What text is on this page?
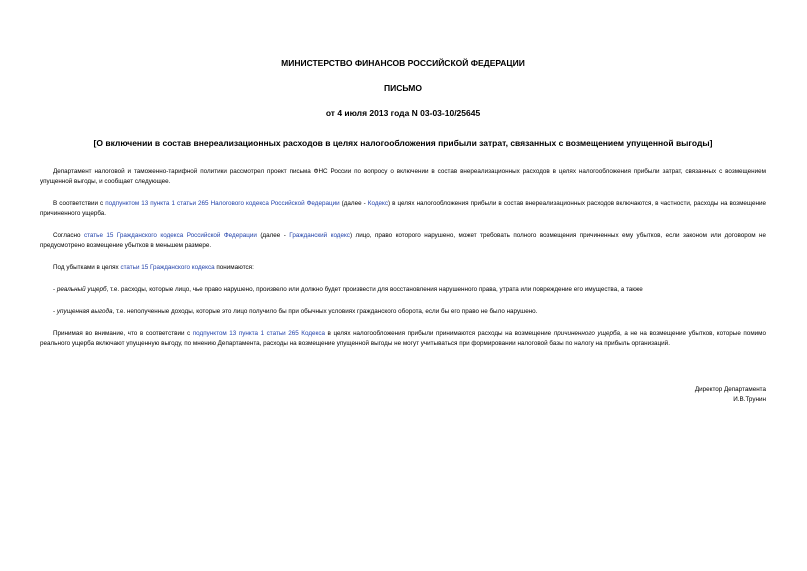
МИНИСТЕРСТВО ФИНАНСОВ РОССИЙСКОЙ ФЕДЕРАЦИИ
ПИСЬМО
от 4 июля 2013 года N 03-03-10/25645
[О включении в состав внереализационных расходов в целях налогообложения прибыли затрат, связанных с возмещением упущенной выгоды]

Департамент налоговой и таможенно-тарифной политики рассмотрел проект письма ФНС России по вопросу о включении в состав внереализационных расходов в целях налогообложения прибыли затрат, связанных с возмещением упущенной выгоды, и сообщает следующее.

В соответствии с подпунктом 13 пункта 1 статьи 265 Налогового кодекса Российской Федерации (далее - Кодекс) в целях налогообложения прибыли в состав внереализационных расходов включаются, в частности, расходы на возмещение причиненного ущерба.

Согласно статье 15 Гражданского кодекса Российской Федерации (далее - Гражданский кодекс) лицо, право которого нарушено, может требовать полного возмещения причиненных ему убытков, если законом или договором не предусмотрено возмещение убытков в меньшем размере.

Под убытками в целях статьи 15 Гражданского кодекса понимаются:

- реальный ущерб, т.е. расходы, которые лицо, чье право нарушено, произвело или должно будет произвести для восстановления нарушенного права, утрата или повреждение его имущества, а также

- упущенная выгода, т.е. неполученные доходы, которые это лицо получило бы при обычных условиях гражданского оборота, если бы его право не было нарушено.

Принимая во внимание, что в соответствии с подпунктом 13 пункта 1 статьи 265 Кодекса в целях налогообложения прибыли принимаются расходы на возмещение причиненного ущерба, а не на возмещение убытков, которые помимо реального ущерба включают упущенную выгоду, по мнению Департамента, расходы на возмещение упущенной выгоды не могут учитываться при формировании налоговой базы по налогу на прибыль организаций.

Директор Департамента
И.В.Трунин
